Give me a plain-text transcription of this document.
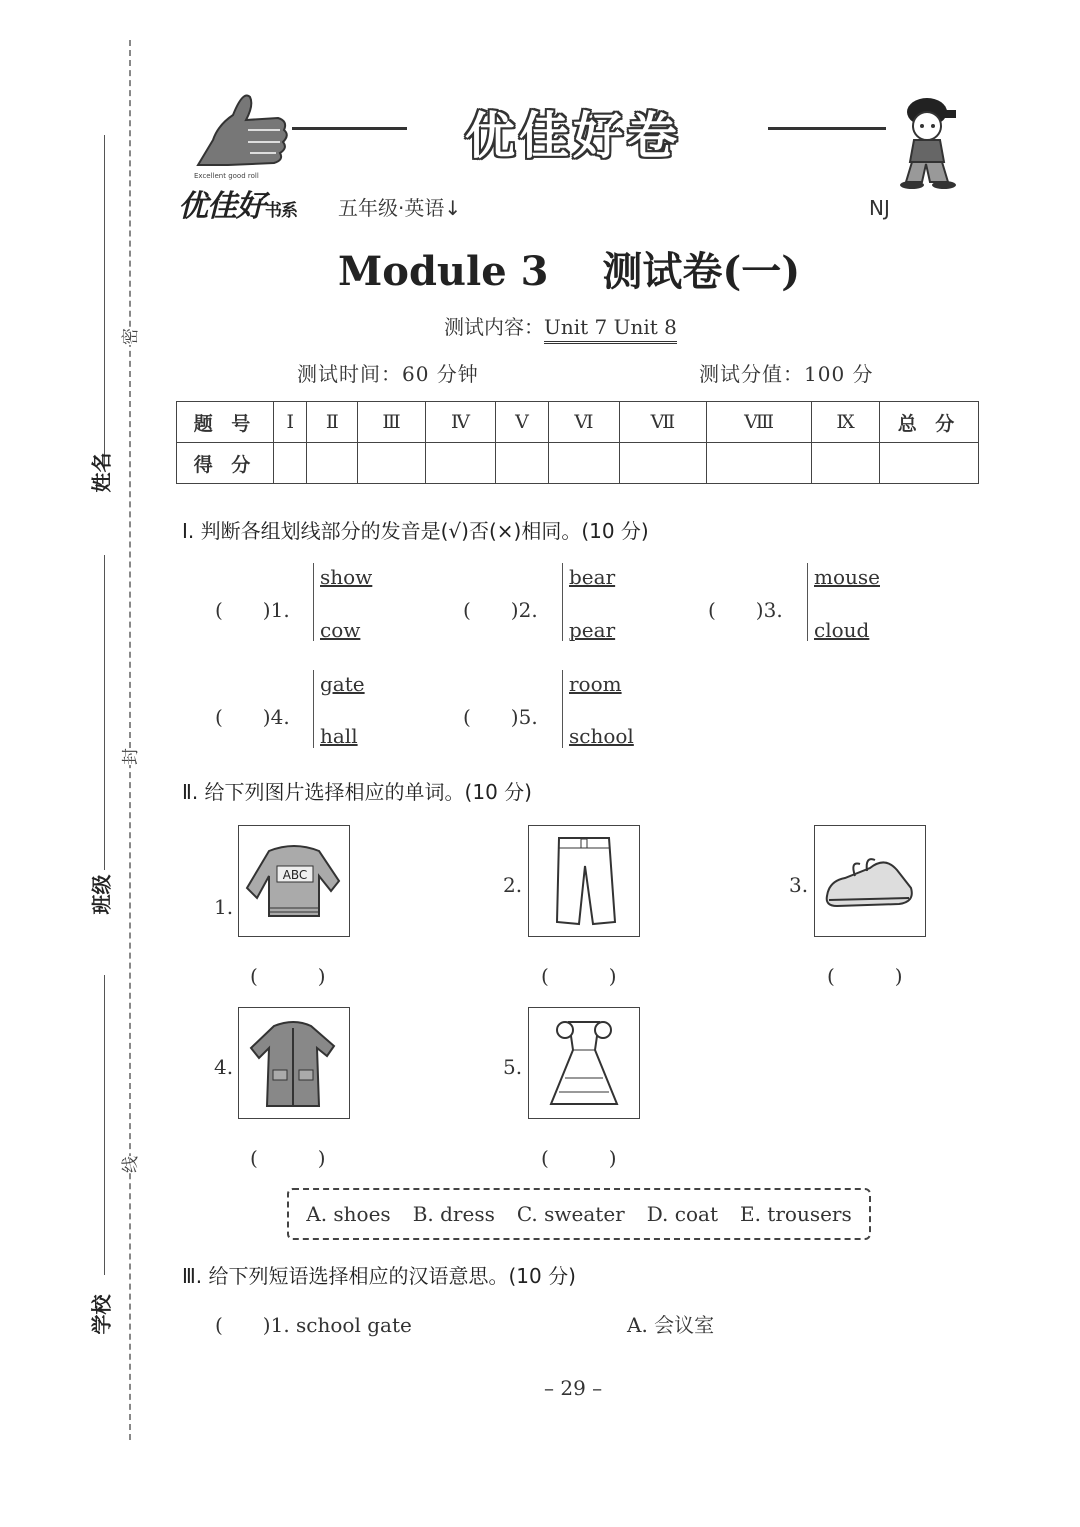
姓名
班级
学校
密
封
线
Excellent good roll
优佳好书系 五年级·英语↓
优佳好卷
NJ
Module 3　 测试卷(一)
测试内容：Unit 7 Unit 8
测试时间：60 分钟	测试分值：100 分
题 号	Ⅰ	Ⅱ	Ⅲ	Ⅳ	Ⅴ	Ⅵ	Ⅶ	Ⅷ	Ⅸ	总 分
得 分										
Ⅰ. 判断各组划线部分的发音是(√)否(×)相同。(10 分)
(　　)1.
show
cow
(　　)2.
bear
pear
(　　)3.
mouse
cloud
(　　)4.
gate
hall
(　　)5.
room
school
Ⅱ. 给下列图片选择相应的单词。(10 分)
1.
ABC
(　　　)
2.
(　　　)
3.
(　　　)
4.
(　　　)
5.
(　　　)
A. shoes B. dress C. sweater D. coat E. trousers
Ⅲ. 给下列短语选择相应的汉语意思。(10 分)
(　　)1. school gate	A. 会议室
– 29 –
